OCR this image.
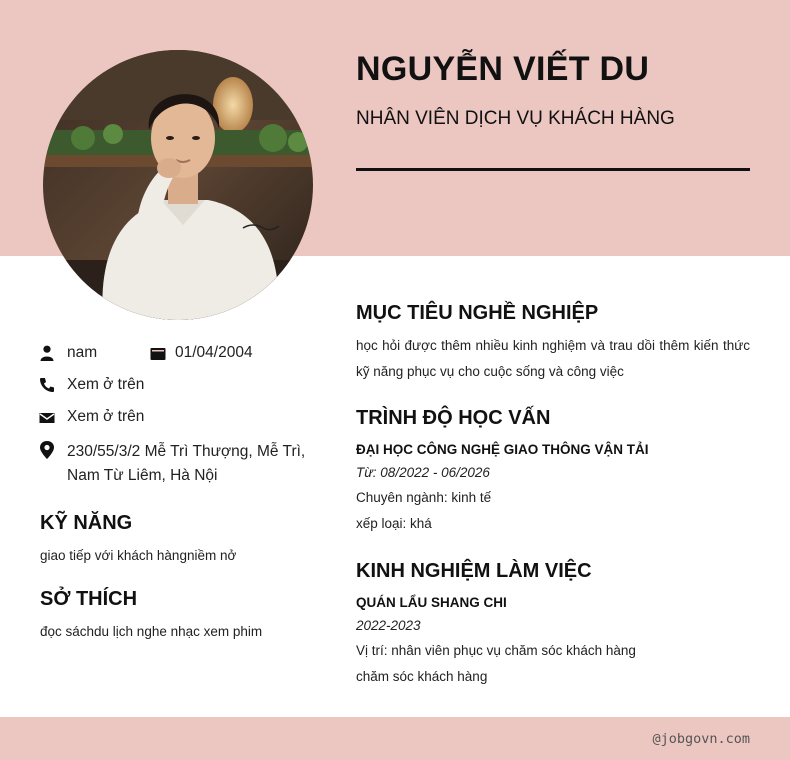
NGUYỄN VIẾT DU
NHÂN VIÊN DỊCH VỤ KHÁCH HÀNG
nam	01/04/2004
Xem ở trên
Xem ở trên
230/55/3/2 Mễ Trì Thượng, Mễ Trì,
Nam Từ Liêm, Hà Nội
KỸ NĂNG
giao tiếp với khách hàngniềm nở
SỞ THÍCH
đọc sáchdu lịch nghe nhạc xem phim
MỤC TIÊU NGHỀ NGHIỆP
học hỏi được thêm nhiều kinh nghiệm và trau dồi thêm kiến thức kỹ năng phục vụ cho cuộc sống và công việc
TRÌNH ĐỘ HỌC VẤN
ĐẠI HỌC CÔNG NGHỆ GIAO THÔNG VẬN TẢI
Từ: 08/2022 - 06/2026
Chuyên ngành: kinh tế
xếp loại: khá
KINH NGHIỆM LÀM VIỆC
QUÁN LẨU SHANG CHI
2022-2023
Vị trí: nhân viên phục vụ chăm sóc khách hàng
chăm sóc khách hàng
@jobgovn.com
